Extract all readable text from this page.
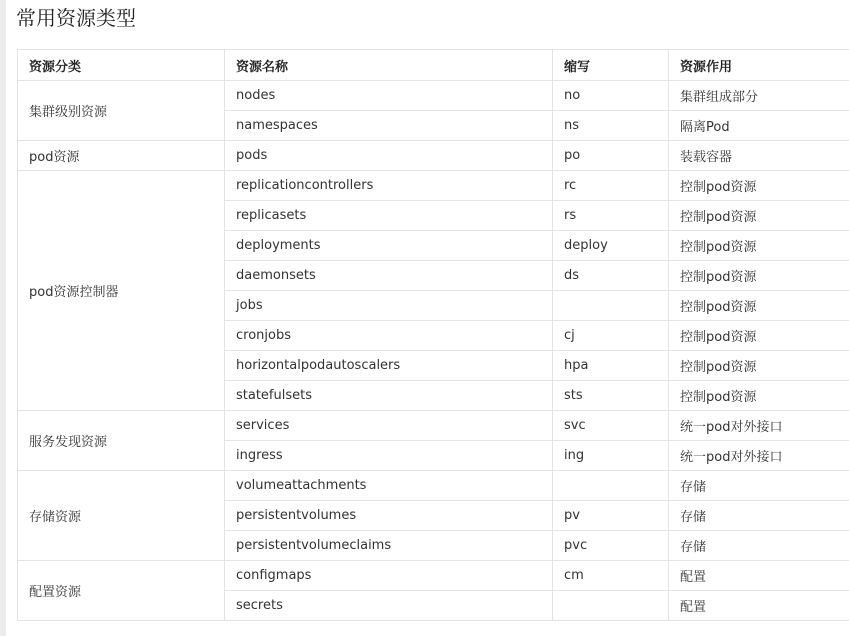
常用资源类型
资源分类	资源名称	缩写	资源作用
集群级别资源	nodes	no	集群组成部分
	namespaces	ns	隔离Pod
pod资源	pods	po	装载容器
pod资源控制器	replicationcontrollers	rc	控制pod资源
	replicasets	rs	控制pod资源
	deployments	deploy	控制pod资源
	daemonsets	ds	控制pod资源
	jobs		控制pod资源
	cronjobs	cj	控制pod资源
	horizontalpodautoscalers	hpa	控制pod资源
	statefulsets	sts	控制pod资源
服务发现资源	services	svc	统一pod对外接口
	ingress	ing	统一pod对外接口
存储资源	volumeattachments		存储
	persistentvolumes	pv	存储
	persistentvolumeclaims	pvc	存储
配置资源	configmaps	cm	配置
	secrets		配置
